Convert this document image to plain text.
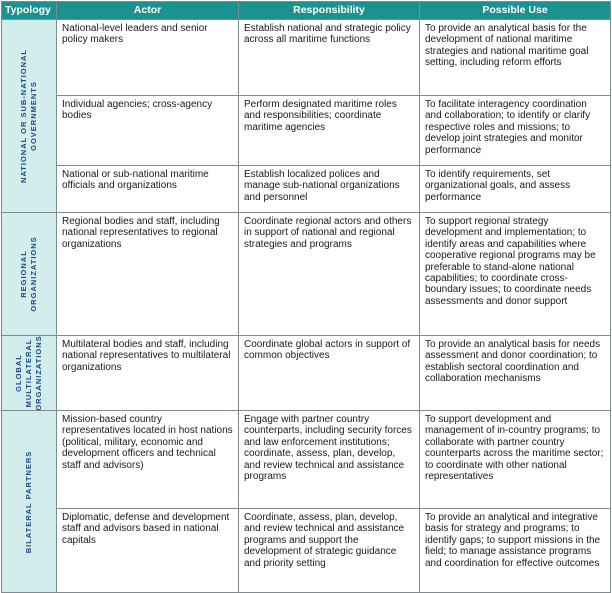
Typology	Actor	Responsibility	Possible Use

NATIONAL OR SUB-NATIONAL GOVERNMENTS	National-level leaders and senior policy makers	Establish national and strategic policy across all maritime functions	To provide an analytical basis for the development of national maritime strategies and national maritime goal setting, including reform efforts
	Individual agencies; cross-agency bodies	Perform designated maritime roles and responsibilities; coordinate maritime agencies	To facilitate interagency coordination and collaboration; to identify or clarify respective roles and missions; to develop joint strategies and monitor performance
	National or sub-national maritime officials and organizations	Establish localized polices and manage sub-national organizations and personnel	To identify requirements, set organizational goals, and assess performance

REGIONAL ORGANIZATIONS	Regional bodies and staff, including national representatives to regional organizations	Coordinate regional actors and others in support of national and regional strategies and programs	To support regional strategy development and implementation; to identify areas and capabilities where cooperative regional programs may be preferable to stand-alone national capabilities; to coordinate cross-boundary issues; to coordinate needs assessments and donor support

GLOBAL MULTILATERAL ORGANIZATIONS	Multilateral bodies and staff, including national representatives to multilateral organizations	Coordinate global actors in support of common objectives	To provide an analytical basis for needs assessment and donor coordination; to establish sectoral coordination and collaboration mechanisms

BILATERAL PARTNERS	Mission-based country representatives located in host nations (political, military, economic and development officers and technical staff and advisors)	Engage with partner country counterparts, including security forces and law enforcement institutions; coordinate, assess, plan, develop, and review technical and assistance programs	To support development and management of in-country programs; to collaborate with partner country counterparts across the maritime sector; to coordinate with other national representatives
	Diplomatic, defense and development staff and advisors based in national capitals	Coordinate, assess, plan, develop, and review technical and assistance programs and support the development of strategic guidance and priority setting	To provide an analytical and integrative basis for strategy and programs; to identify gaps; to support missions in the field; to manage assistance programs and coordination for effective outcomes
